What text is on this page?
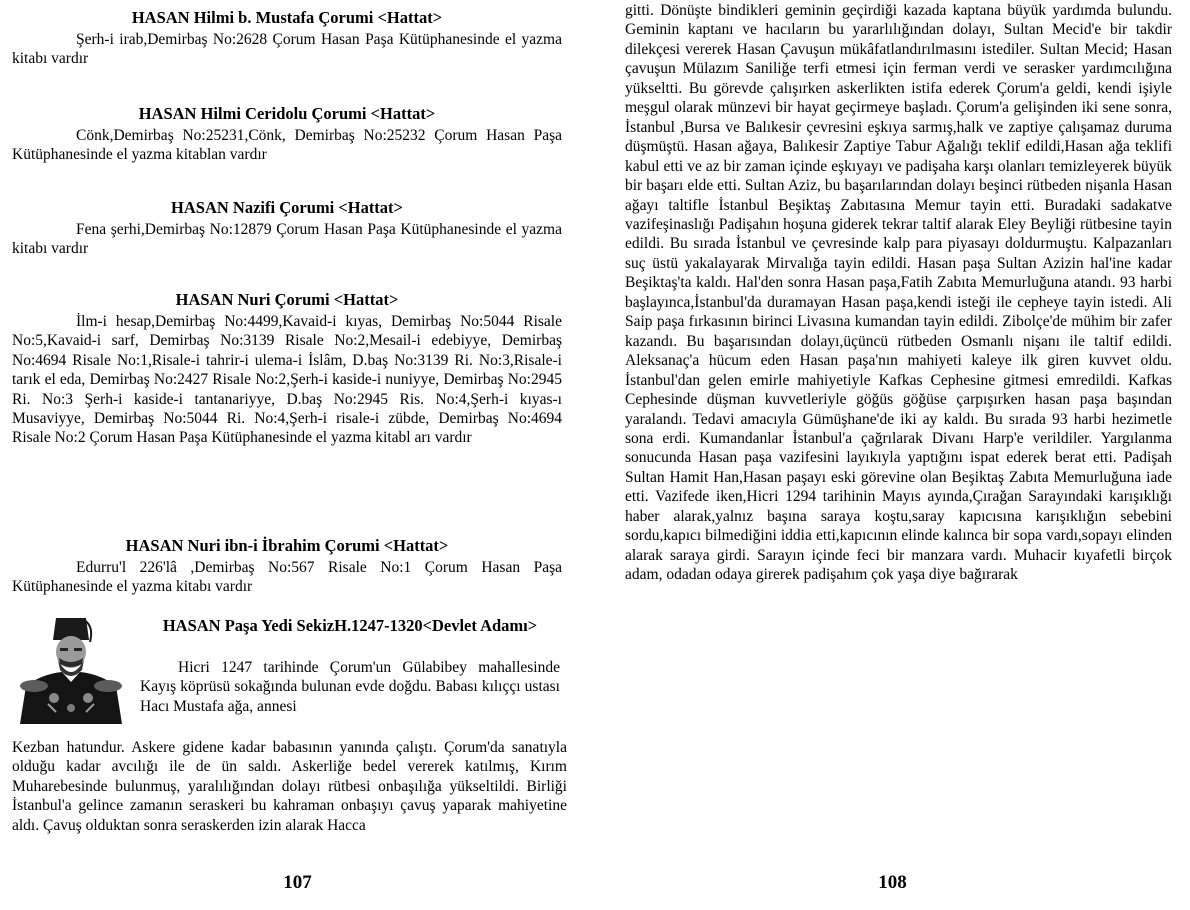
HASAN Hilmi b. Mustafa Çorumi <Hattat>

Şerh-i irab,Demirbaş No:2628 Çorum Hasan Paşa Kütüphanesinde el yazma kitabı vardır

HASAN Hilmi Ceridolu Çorumi <Hattat>

Cönk,Demirbaş No:25231,Cönk, Demirbaş No:25232 Çorum Hasan Paşa Kütüphanesinde el yazma kitablan vardır

HASAN Nazifi Çorumi <Hattat>

Fena şerhi,Demirbaş No:12879 Çorum Hasan Paşa Kütüphanesinde el yazma kitabı vardır

HASAN Nuri Çorumi <Hattat>

İlm-i hesap,Demirbaş No:4499,Kavaid-i kıyas, Demirbaş No:5044 Risale No:5,Kavaid-i sarf, Demirbaş No:3139 Risale No:2,Mesail-i edebiyye, Demirbaş No:4694 Risale No:1,Risale-i tahrir-i ulema-i İslâm, D.baş No:3139 Ri. No:3,Risale-i tarık el eda, Demirbaş No:2427 Risale No:2,Şerh-i kaside-i nuniyye, Demirbaş No:2945 Ri. No:3 Şerh-i kaside-i tantanariyye, D.baş No:2945 Ris. No:4,Şerh-i kıyas-ı Musaviyye, Demirbaş No:5044 Ri. No:4,Şerh-i risale-i zübde, Demirbaş No:4694 Risale No:2 Çorum Hasan Paşa Kütüphanesinde el yazma kitabl arı vardır

HASAN Nuri ibn-i İbrahim Çorumi <Hattat>

Edurru'l 226'lâ ,Demirbaş No:567 Risale No:1 Çorum Hasan Paşa Kütüphanesinde el yazma kitabı vardır

HASAN Paşa Yedi SekizH.1247-1320<Devlet Adamı>

Hicri 1247 tarihinde Çorum'un Gülabibey mahallesinde Kayış köprüsü sokağında bulunan evde doğdu. Babası kılıççı ustası Hacı Mustafa ağa, annesi

Kezban hatundur. Askere gidene kadar babasının yanında çalıştı. Çorum'da sanatıyla olduğu kadar avcılığı ile de ün saldı. Askerliğe bedel vererek katılmış, Kırım Muharebesinde bulunmuş, yaralılığından dolayı rütbesi onbaşılığa yükseltildi. Birliği İstanbul'a gelince zamanın seraskeri bu kahraman onbaşıyı çavuş yaparak mahiyetine aldı. Çavuş olduktan sonra seraskerden izin alarak Hacca

107

gitti. Dönüşte bindikleri geminin geçirdiği kazada kaptana büyük yardımda bulundu. Geminin kaptanı ve hacıların bu yararlılığından dolayı, Sultan Mecid'e bir takdir dilekçesi vererek Hasan Çavuşun mükâfatlandırılmasını istediler. Sultan Mecid; Hasan çavuşun Mülazım Saniliğe terfi etmesi için ferman verdi ve serasker yardımcılığına yükseltti. Bu görevde çalışırken askerlikten istifa ederek Çorum'a geldi, kendi işiyle meşgul olarak münzevi bir hayat geçirmeye başladı. Çorum'a gelişinden iki sene sonra, İstanbul ,Bursa ve Balıkesir çevresini eşkıya sarmış,halk ve zaptiye çalışamaz duruma düşmüştü. Hasan ağaya, Balıkesir Zaptiye Tabur Ağalığı teklif edildi,Hasan ağa teklifi kabul etti ve az bir zaman içinde eşkıyayı ve padişaha karşı olanları temizleyerek büyük bir başarı elde etti. Sultan Aziz, bu başarılarından dolayı beşinci rütbeden nişanla Hasan ağayı taltifle İstanbul Beşiktaş Zabıtasına Memur tayin etti. Buradaki sadakatve vazifeşinaslığı Padişahın hoşuna giderek tekrar taltif alarak Eley Beyliği rütbesine tayin edildi. Bu sırada İstanbul ve çevresinde kalp para piyasayı doldurmuştu. Kalpazanları suç üstü yakalayarak Mirvalığa tayin edildi. Hasan paşa Sultan Azizin hal'ine kadar Beşiktaş'ta kaldı. Hal'den sonra Hasan paşa,Fatih Zabıta Memurluğuna atandı. 93 harbi başlayınca,İstanbul'da duramayan Hasan paşa,kendi isteği ile cepheye tayin istedi. Ali Saip paşa fırkasının birinci Livasına kumandan tayin edildi. Zibolçe'de mühim bir zafer kazandı. Bu başarısından dolayı,üçüncü rütbeden Osmanlı nişanı ile taltif edildi. Aleksanaç'a hücum eden Hasan paşa'nın mahiyeti kaleye ilk giren kuvvet oldu. İstanbul'dan gelen emirle mahiyetiyle Kafkas Cephesine gitmesi emredildi. Kafkas Cephesinde düşman kuvvetleriyle göğüs göğüse çarpışırken hasan paşa başından yaralandı. Tedavi amacıyla Gümüşhane'de iki ay kaldı. Bu sırada 93 harbi hezimetle sona erdi. Kumandanlar İstanbul'a çağrılarak Divanı Harp'e verildiler. Yargılanma sonucunda Hasan paşa vazifesini layıkıyla yaptığını ispat ederek berat etti. Padişah Sultan Hamit Han,Hasan paşayı eski görevine olan Beşiktaş Zabıta Memurluğuna iade etti. Vazifede iken,Hicri 1294 tarihinin Mayıs ayında,Çırağan Sarayındaki karışıklığı haber alarak,yalnız başına saraya koştu,saray kapıcısına karışıklığın sebebini sordu,kapıcı bilmediğini iddia etti,kapıcının elinde kalınca bir sopa vardı,sopayı elinden alarak saraya girdi. Sarayın içinde feci bir manzara vardı. Muhacir kıyafetli birçok adam, odadan odaya girerek padişahım çok yaşa diye bağırarak

108
